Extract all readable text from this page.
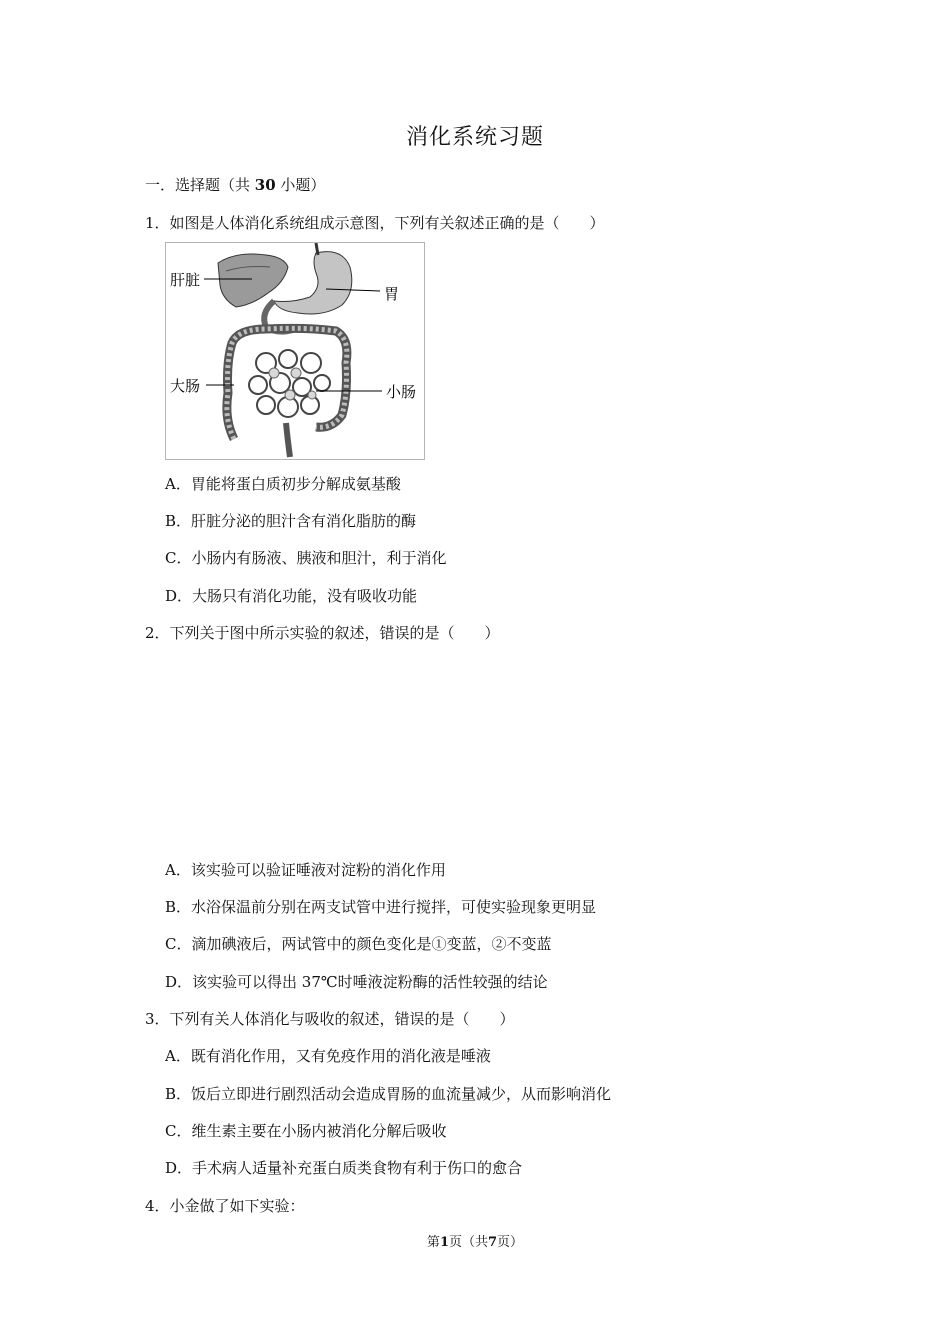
消化系统习题
一．选择题（共 30 小题）
1．如图是人体消化系统组成示意图，下列有关叙述正确的是（　　）
肝脏
胃
大肠	小肠
A．胃能将蛋白质初步分解成氨基酸
B．肝脏分泌的胆汁含有消化脂肪的酶
C．小肠内有肠液、胰液和胆汁，利于消化
D．大肠只有消化功能，没有吸收功能
2．下列关于图中所示实验的叙述，错误的是（　　）
A．该实验可以验证唾液对淀粉的消化作用
B．水浴保温前分别在两支试管中进行搅拌，可使实验现象更明显
C．滴加碘液后，两试管中的颜色变化是①变蓝，②不变蓝
D．该实验可以得出 37℃时唾液淀粉酶的活性较强的结论
3．下列有关人体消化与吸收的叙述，错误的是（　　）
A．既有消化作用，又有免疫作用的消化液是唾液
B．饭后立即进行剧烈活动会造成胃肠的血流量减少，从而影响消化
C．维生素主要在小肠内被消化分解后吸收
D．手术病人适量补充蛋白质类食物有利于伤口的愈合
4．小金做了如下实验：
第1页（共7页）
